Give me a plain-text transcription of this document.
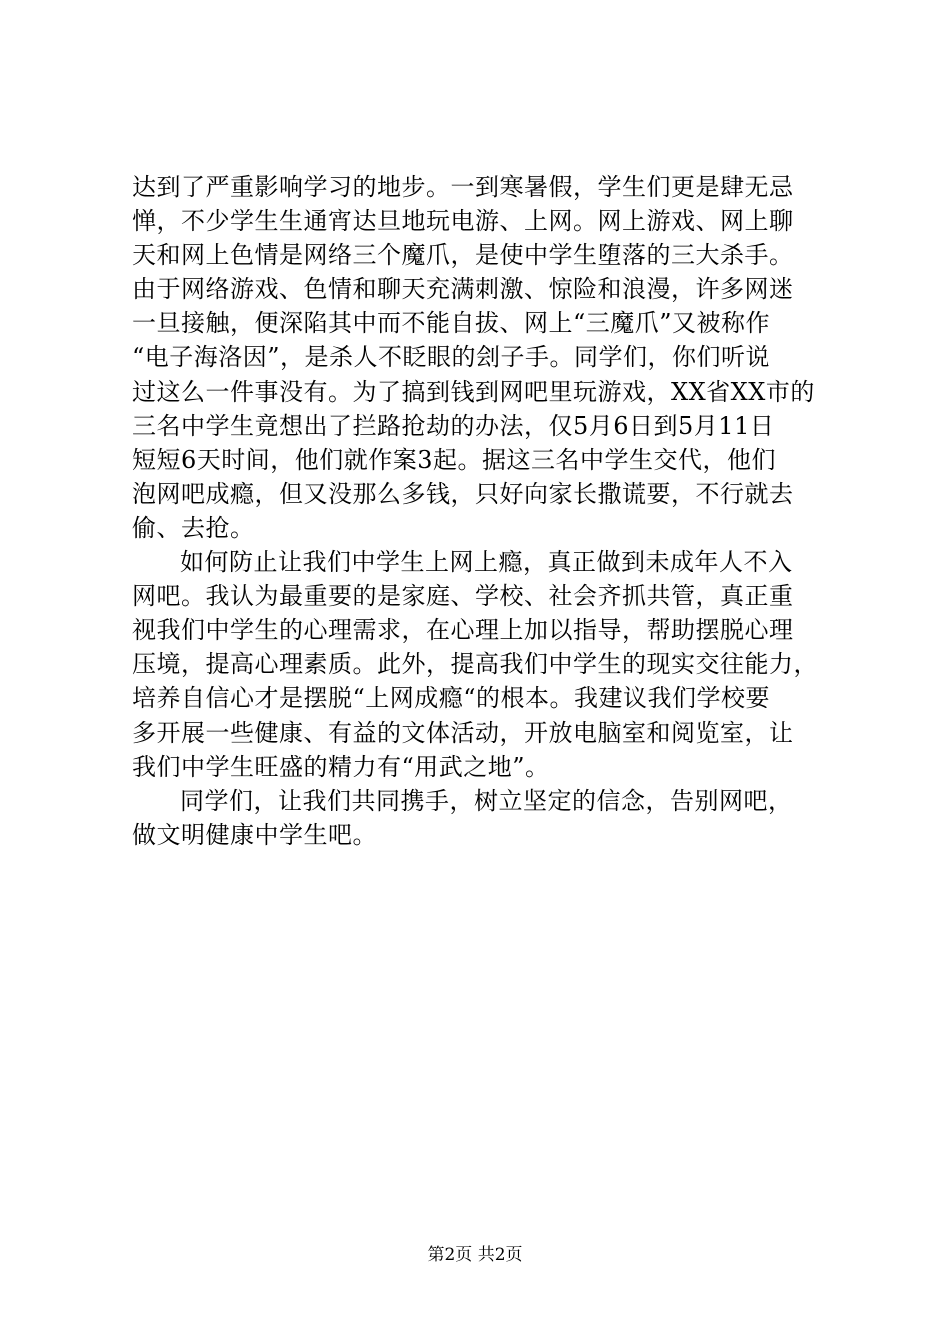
达到了严重影响学习的地步。一到寒暑假，学生们更是肆无忌
惮，不少学生生通宵达旦地玩电游、上网。网上游戏、网上聊
天和网上色情是网络三个魔爪，是使中学生堕落的三大杀手。
由于网络游戏、色情和聊天充满刺激、惊险和浪漫，许多网迷
一旦接触，便深陷其中而不能自拔、网上“三魔爪”又被称作
“电子海洛因”，是杀人不眨眼的刽子手。同学们，你们听说
过这么一件事没有。为了搞到钱到网吧里玩游戏，XX省XX市的
三名中学生竟想出了拦路抢劫的办法，仅5月6日到5月11日
短短6天时间，他们就作案3起。据这三名中学生交代，他们
泡网吧成瘾，但又没那么多钱，只好向家长撒谎要，不行就去
偷、去抢。
如何防止让我们中学生上网上瘾，真正做到未成年人不入
网吧。我认为最重要的是家庭、学校、社会齐抓共管，真正重
视我们中学生的心理需求，在心理上加以指导，帮助摆脱心理
压境，提高心理素质。此外，提高我们中学生的现实交往能力，
培养自信心才是摆脱“上网成瘾“的根本。我建议我们学校要
多开展一些健康、有益的文体活动，开放电脑室和阅览室，让
我们中学生旺盛的精力有“用武之地”。
同学们，让我们共同携手，树立坚定的信念，告别网吧，
做文明健康中学生吧。
第2页 共2页
